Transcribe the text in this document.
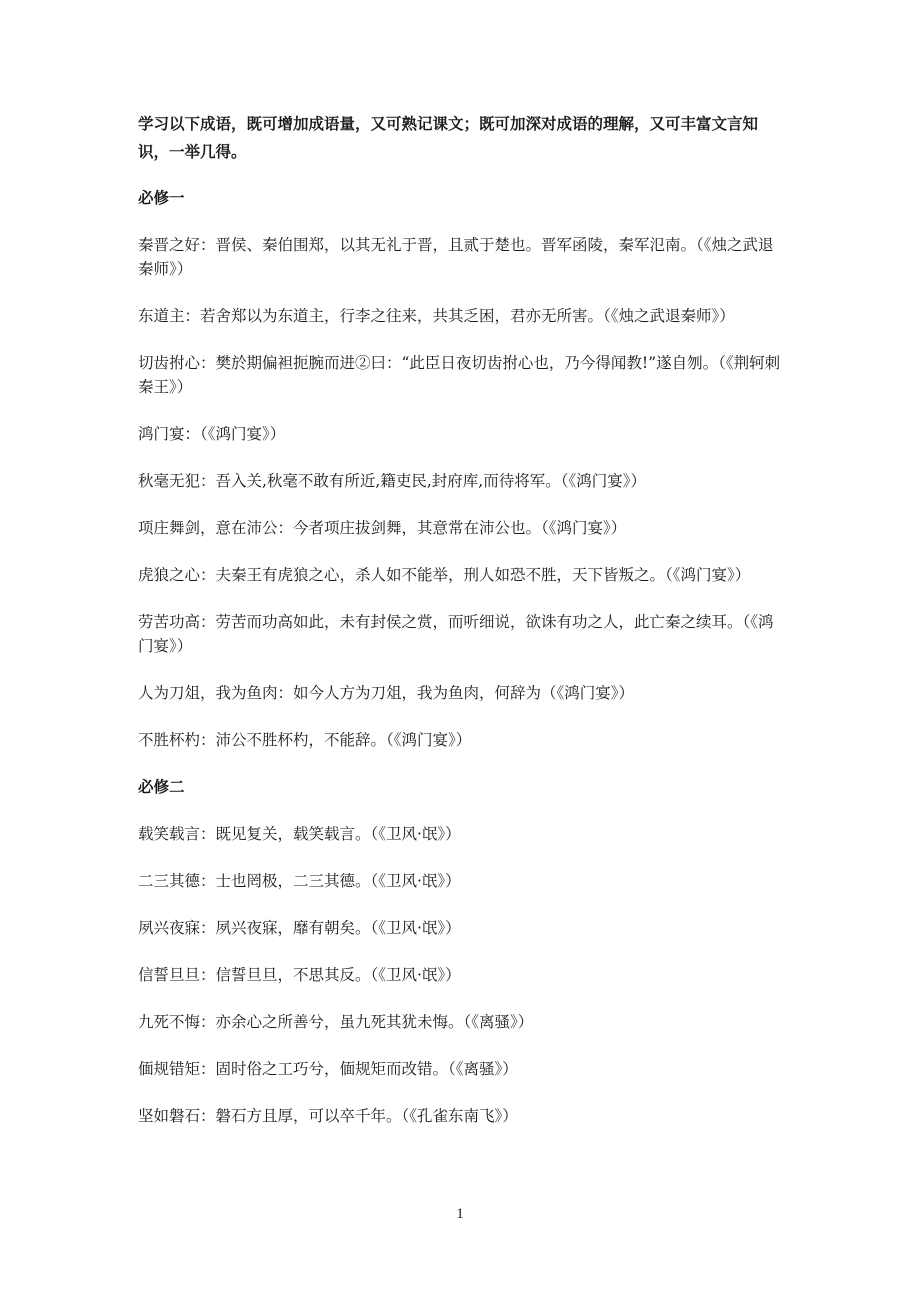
学习以下成语，既可增加成语量，又可熟记课文；既可加深对成语的理解，又可丰富文言知识，一举几得。

必修一

秦晋之好：晋侯、秦伯围郑，以其无礼于晋，且贰于楚也。晋军函陵，秦军氾南。（《烛之武退秦师》）

东道主：若舍郑以为东道主，行李之往来，共其乏困，君亦无所害。（《烛之武退秦师》）

切齿拊心：樊於期偏袒扼腕而进②曰：“此臣日夜切齿拊心也，乃今得闻教!”遂自刎。（《荆轲刺秦王》）

鸿门宴：（《鸿门宴》）

秋毫无犯：吾入关,秋毫不敢有所近,籍吏民,封府库,而待将军。（《鸿门宴》）

项庄舞剑，意在沛公：今者项庄拔剑舞，其意常在沛公也。（《鸿门宴》）

虎狼之心：夫秦王有虎狼之心，杀人如不能举，刑人如恐不胜，天下皆叛之。（《鸿门宴》）

劳苦功高：劳苦而功高如此，未有封侯之赏，而听细说，欲诛有功之人，此亡秦之续耳。（《鸿门宴》）

人为刀俎，我为鱼肉：如今人方为刀俎，我为鱼肉，何辞为（《鸿门宴》）

不胜杯杓：沛公不胜杯杓，不能辞。（《鸿门宴》）

必修二

载笑载言：既见复关，载笑载言。（《卫风·氓》）

二三其德：士也罔极，二三其德。（《卫风·氓》）

夙兴夜寐：夙兴夜寐，靡有朝矣。（《卫风·氓》）

信誓旦旦：信誓旦旦，不思其反。（《卫风·氓》）

九死不悔：亦余心之所善兮，虽九死其犹未悔。（《离骚》）

偭规错矩：固时俗之工巧兮，偭规矩而改错。（《离骚》）

坚如磐石：磐石方且厚，可以卒千年。（《孔雀东南飞》）

1
